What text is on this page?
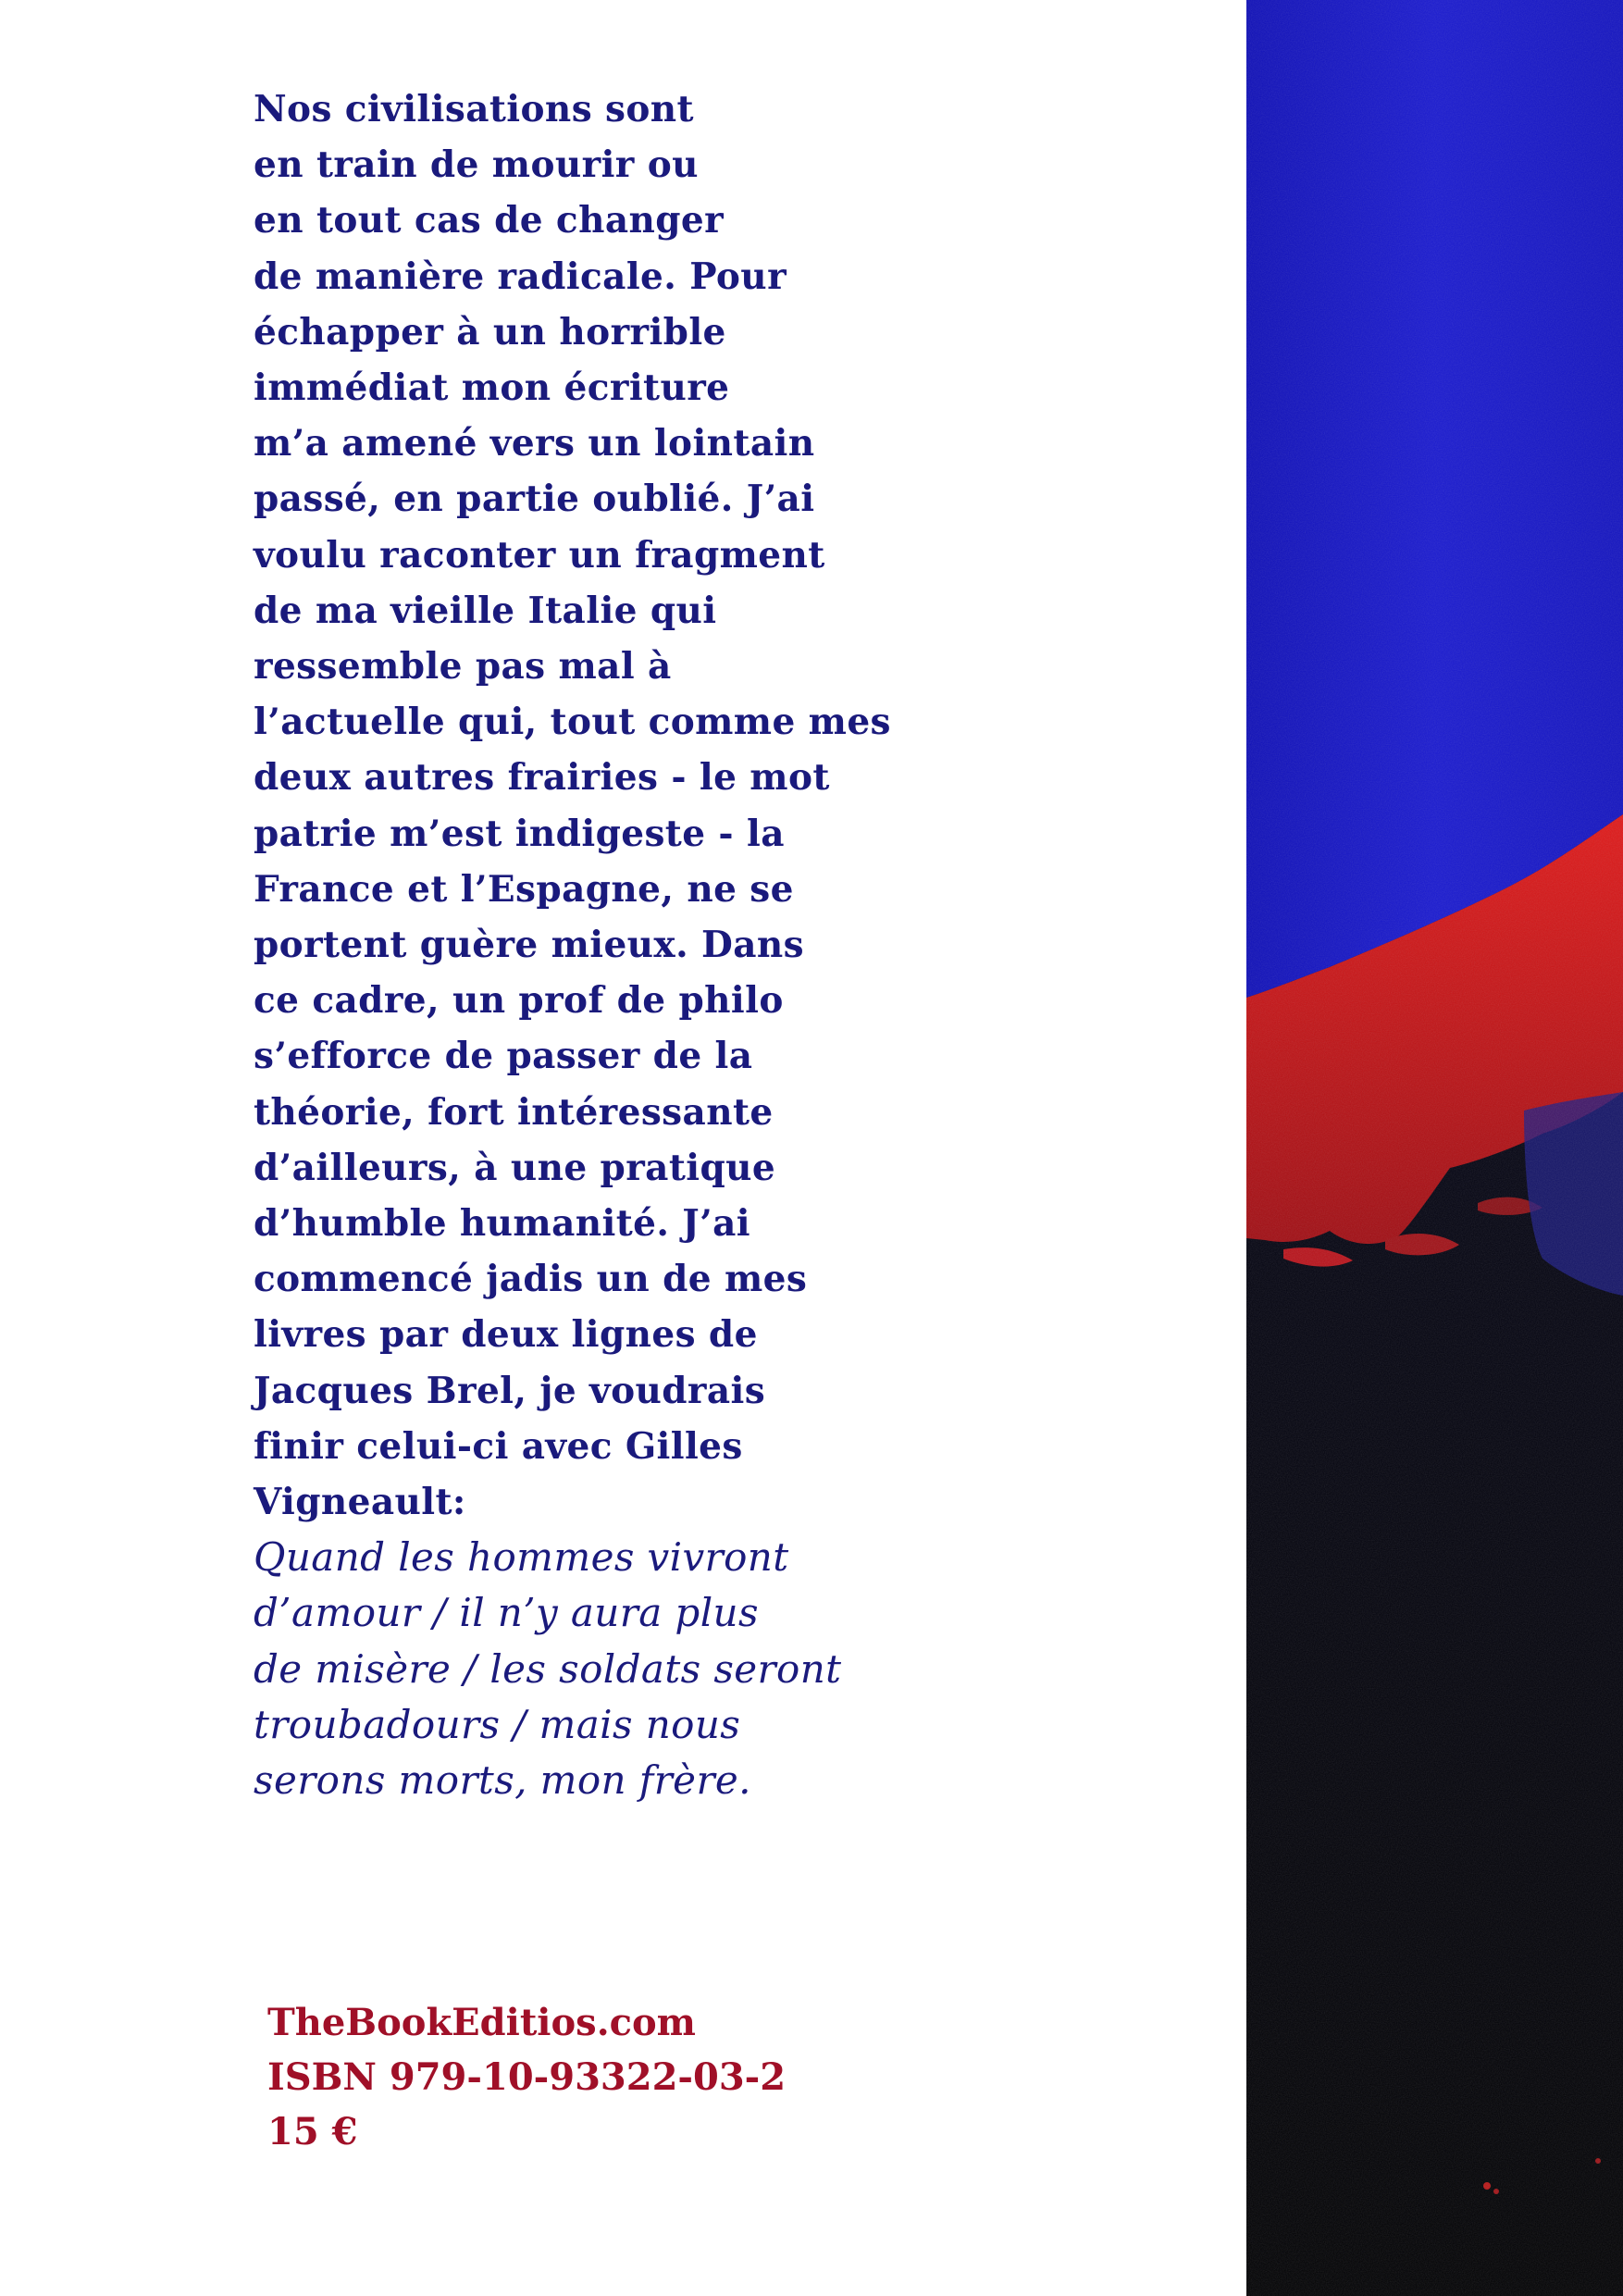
Nos civilisations sont
en train de mourir ou
en tout cas de changer
de manière radicale. Pour
échapper à un horrible
immédiat mon écriture
m’a amené vers un lointain
passé, en partie oublié. J’ai
voulu raconter un fragment
de ma vieille Italie qui
ressemble pas mal à
l’actuelle qui, tout comme mes
deux autres frairies - le mot
patrie m’est indigeste - la
France et l’Espagne, ne se
portent guère mieux. Dans
ce cadre, un prof de philo
s’efforce de passer de la
théorie, fort intéressante
d’ailleurs, à une pratique
d’humble humanité. J’ai
commencé jadis un de mes
livres par deux lignes de
Jacques Brel, je voudrais
finir celui-ci avec Gilles
Vigneault:
Quand les hommes vivront
d’amour / il n’y aura plus
de misère / les soldats seront
troubadours / mais nous
serons morts, mon frère.
TheBookEditios.com
ISBN 979-10-93322-03-2
15 €
